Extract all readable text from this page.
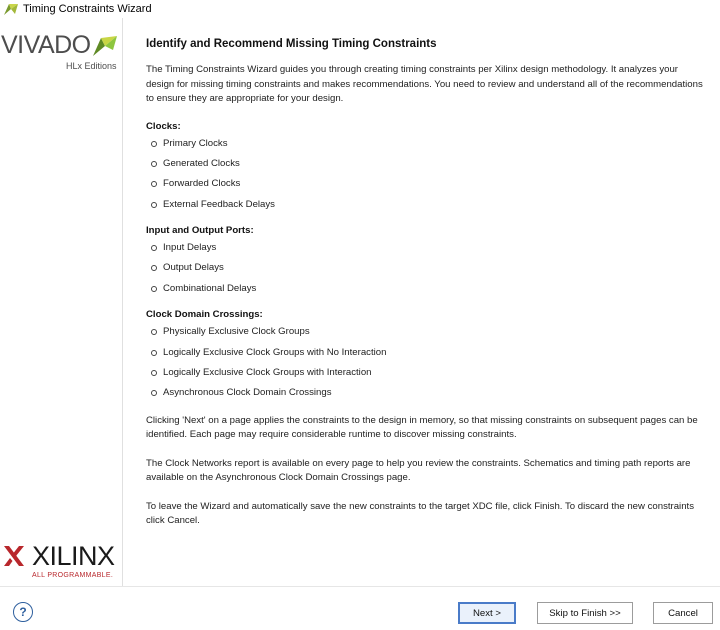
Timing Constraints Wizard
VIVADO
HLx Editions
XILINX
ALL PROGRAMMABLE.
Identify and Recommend Missing Timing Constraints

The Timing Constraints Wizard guides you through creating timing constraints per Xilinx design methodology. It analyzes your design for missing timing constraints and makes recommendations. You need to review and understand all of the recommendations to ensure they are appropriate for your design.

Clocks:
Primary Clocks
Generated Clocks
Forwarded Clocks
External Feedback Delays
Input and Output Ports:
Input Delays
Output Delays
Combinational Delays
Clock Domain Crossings:
Physically Exclusive Clock Groups
Logically Exclusive Clock Groups with No Interaction
Logically Exclusive Clock Groups with Interaction
Asynchronous Clock Domain Crossings

Clicking 'Next' on a page applies the constraints to the design in memory, so that missing constraints on subsequent pages can be identified. Each page may require considerable runtime to discover missing constraints.

The Clock Networks report is available on every page to help you review the constraints. Schematics and timing path reports are available on the Asynchronous Clock Domain Crossings page.

To leave the Wizard and automatically save the new constraints to the target XDC file, click Finish. To discard the new constraints click Cancel.

?	Next >	Skip to Finish >>	Cancel
